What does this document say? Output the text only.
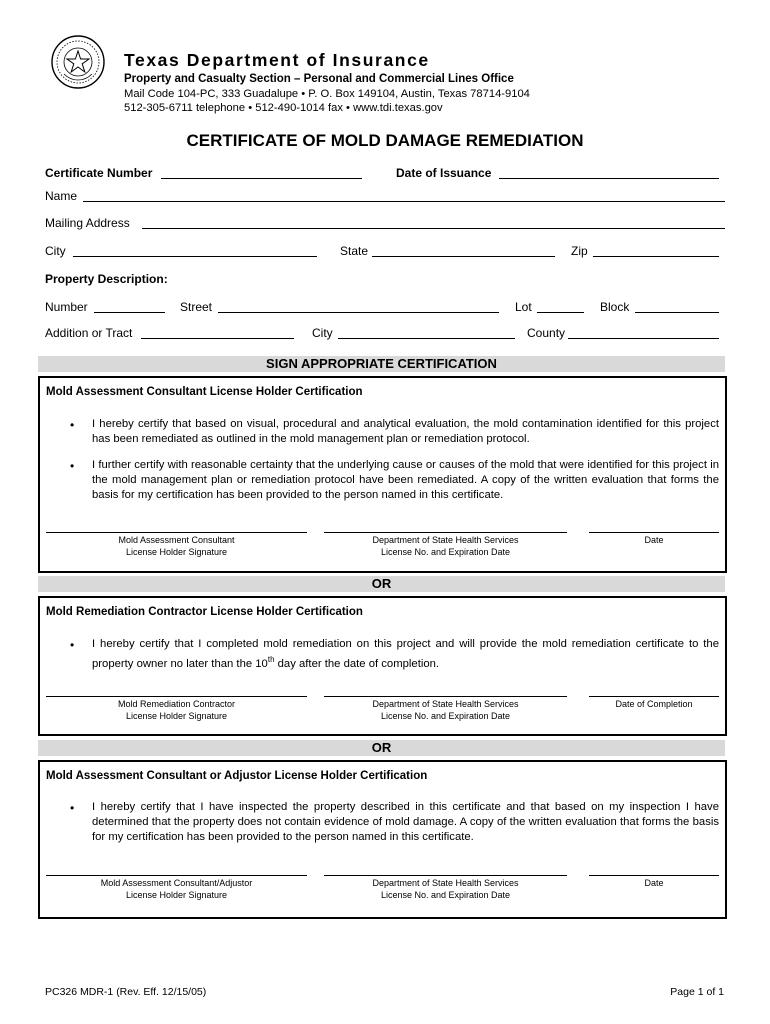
Texas Department of Insurance
Property and Casualty Section – Personal and Commercial Lines Office
Mail Code 104-PC, 333 Guadalupe • P. O. Box 149104, Austin, Texas 78714-9104
512-305-6711 telephone • 512-490-1014 fax • www.tdi.texas.gov
CERTIFICATE OF MOLD DAMAGE REMEDIATION
Certificate Number	Date of Issuance
Name
Mailing Address
City	State	Zip
Property Description:
Number	Street	Lot	Block
Addition or Tract	City	County
SIGN APPROPRIATE CERTIFICATION
Mold Assessment Consultant License Holder Certification
• I hereby certify that based on visual, procedural and analytical evaluation, the mold contamination identified for this project has been remediated as outlined in the mold management plan or remediation protocol.
• I further certify with reasonable certainty that the underlying cause or causes of the mold that were identified for this project in the mold management plan or remediation protocol have been remediated. A copy of the written evaluation that forms the basis for my certification has been provided to the person named in this certificate.
Mold Assessment Consultant
License Holder Signature
Department of State Health Services
License No. and Expiration Date
Date
OR
Mold Remediation Contractor License Holder Certification
• I hereby certify that I completed mold remediation on this project and will provide the mold remediation certificate to the property owner no later than the 10th day after the date of completion.
Mold Remediation Contractor
License Holder Signature
Department of State Health Services
License No. and Expiration Date
Date of Completion
OR
Mold Assessment Consultant or Adjustor License Holder Certification
• I hereby certify that I have inspected the property described in this certificate and that based on my inspection I have determined that the property does not contain evidence of mold damage. A copy of the written evaluation that forms the basis for my certification has been provided to the person named in this certificate.
Mold Assessment Consultant/Adjustor
License Holder Signature
Department of State Health Services
License No. and Expiration Date
Date
PC326 MDR-1 (Rev. Eff. 12/15/05)	Page 1 of 1
